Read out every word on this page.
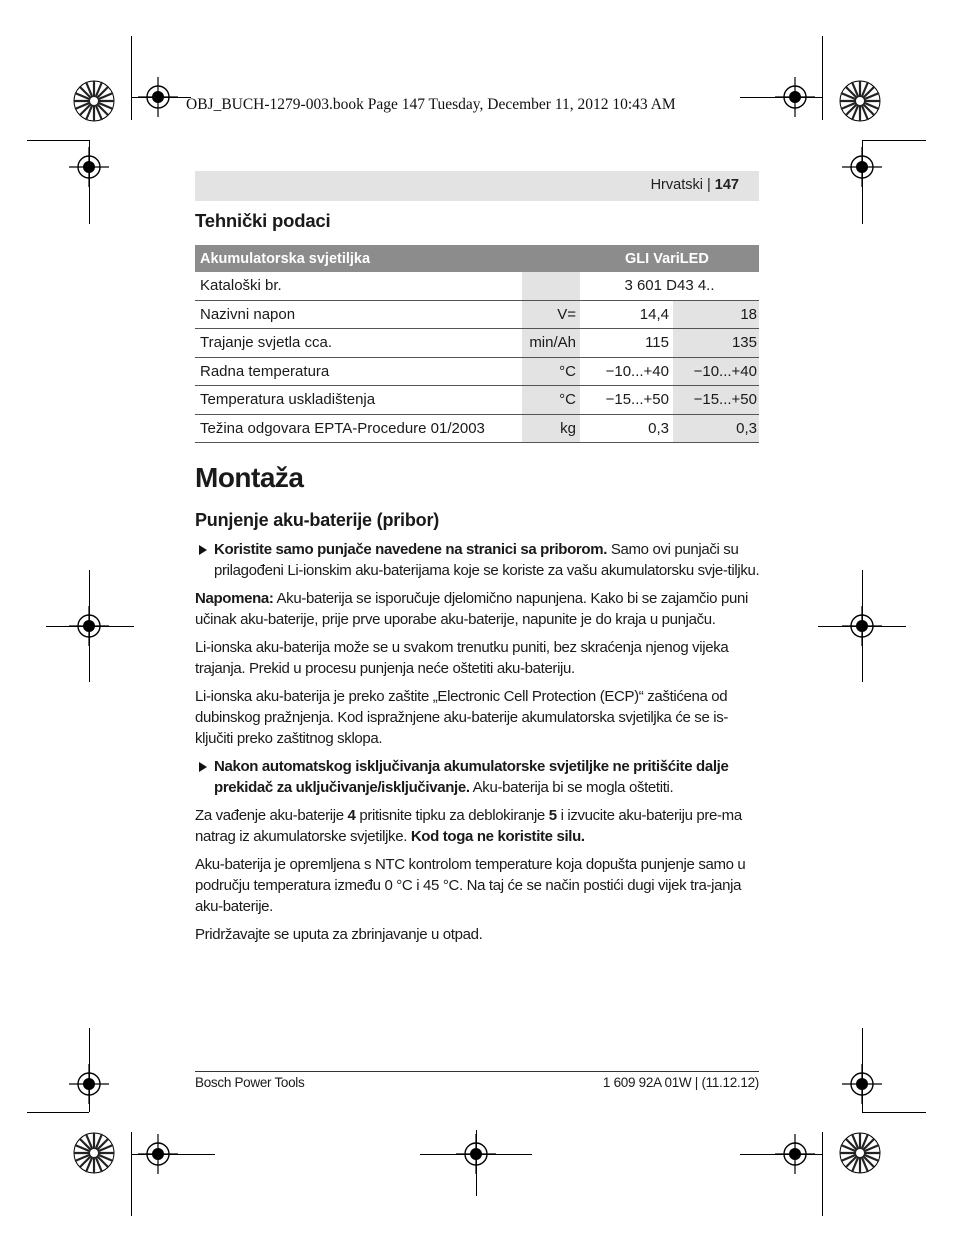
OBJ_BUCH-1279-003.book Page 147 Tuesday, December 11, 2012 10:43 AM
Hrvatski | 147
Tehnički podaci
Akumulatorska svjetiljka		GLI VariLED	
Kataloški br.		3 601 D43 4..	
Nazivni napon	V=	14,4	18
Trajanje svjetla cca.	min/Ah	115	135
Radna temperatura	°C	−10...+40	−10...+40
Temperatura uskladištenja	°C	−15...+50	−15...+50
Težina odgovara EPTA-Procedure 01/2003	kg	0,3	0,3
Montaža
Punjenje aku-baterije (pribor)

Koristite samo punjače navedene na stranici sa priborom. Samo ovi punjači su prilagođeni Li-ionskim aku-baterijama koje se koriste za vašu akumulatorsku svje-tiljku.

Napomena: Aku-baterija se isporučuje djelomično napunjena. Kako bi se zajamčio puni učinak aku-baterije, prije prve uporabe aku-baterije, napunite je do kraja u punjaču.

Li-ionska aku-baterija može se u svakom trenutku puniti, bez skraćenja njenog vijeka trajanja. Prekid u procesu punjenja neće oštetiti aku-bateriju.

Li-ionska aku-baterija je preko zaštite „Electronic Cell Protection (ECP)“ zaštićena od dubinskog pražnjenja. Kod ispražnjene aku-baterije akumulatorska svjetiljka će se is-ključiti preko zaštitnog sklopa.

Nakon automatskog isključivanja akumulatorske svjetiljke ne pritišćite dalje prekidač za uključivanje/isključivanje. Aku-baterija bi se mogla oštetiti.

Za vađenje aku-baterije 4 pritisnite tipku za deblokiranje 5 i izvucite aku-bateriju pre-ma natrag iz akumulatorske svjetiljke. Kod toga ne koristite silu.

Aku-baterija je opremljena s NTC kontrolom temperature koja dopušta punjenje samo u području temperatura između 0 °C i 45 °C. Na taj će se način postići dugi vijek tra-janja aku-baterije.

Pridržavajte se uputa za zbrinjavanje u otpad.

Bosch Power Tools	1 609 92A 01W | (11.12.12)
